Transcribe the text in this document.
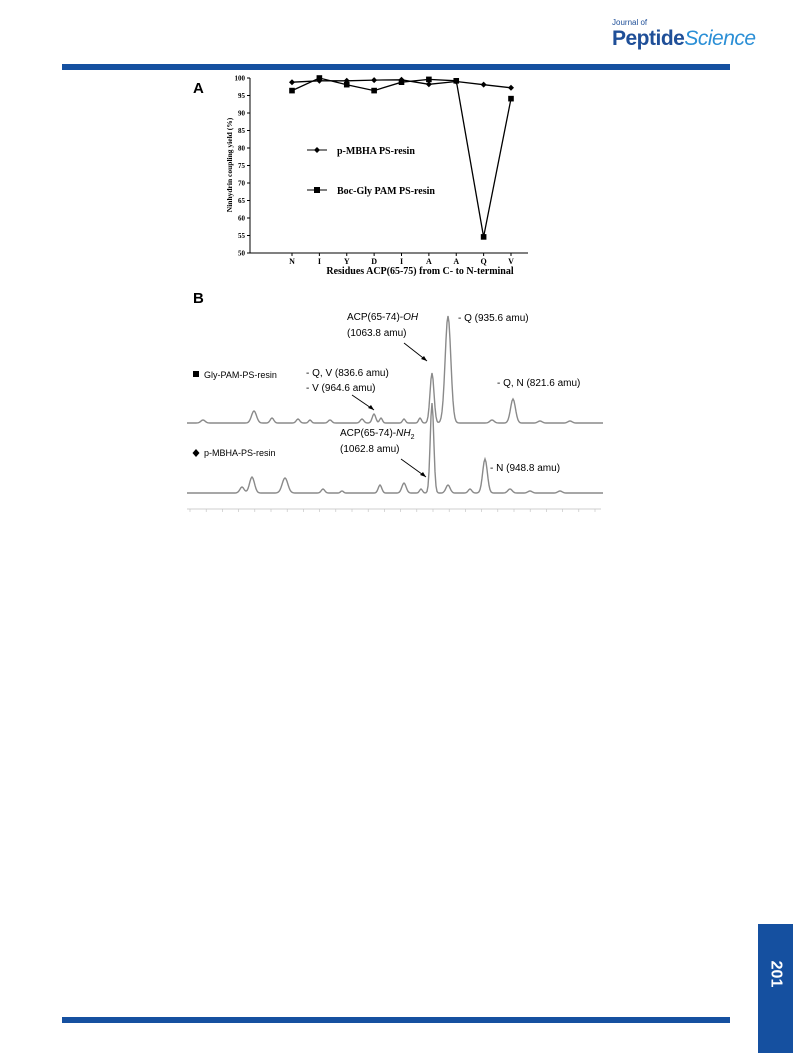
Journal of
PeptideScience
A
50
55
60
65
70
75
80
85
90
95
100
N	I	Y	D	I	A	A	Q	V
p-MBHA PS-resin
Boc-Gly PAM PS-resin
Residues ACP(65-75) from C- to N-terminal
Ninhydrin coupling yield (%)
B
Gly-PAM-PS-resin
p-MBHA-PS-resin
ACP(65-74)-OH
(1063.8 amu)
- Q (935.6 amu)
- Q, V (836.6 amu)
- V (964.6 amu)	- Q, N (821.6 amu)
$ACP(65-74)-NH_2$
(1062.8 amu)
- N (948.8 amu)
201
